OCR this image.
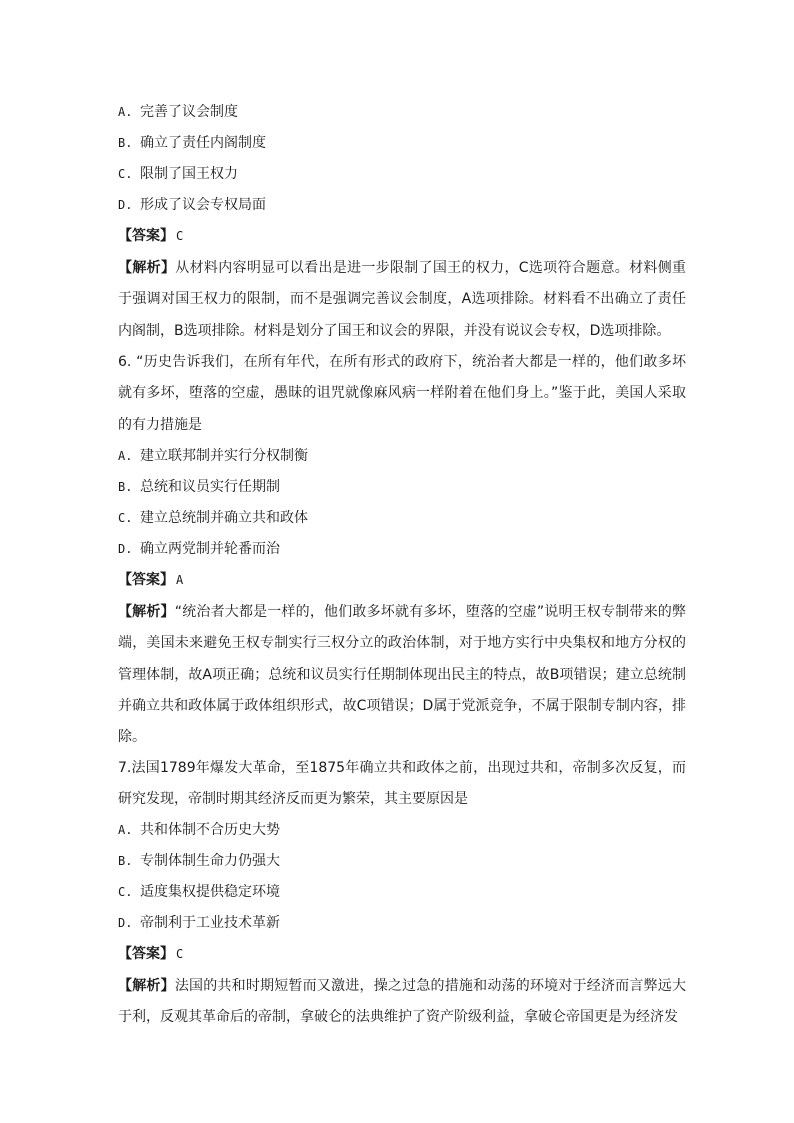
A. 完善了议会制度
B. 确立了责任内阁制度
C. 限制了国王权力
D. 形成了议会专权局面
【答案】 C

【解析】从材料内容明显可以看出是进一步限制了国王的权力，C选项符合题意。材料侧重于强调对国王权力的限制，而不是强调完善议会制度，A选项排除。材料看不出确立了责任内阁制，B选项排除。材料是划分了国王和议会的界限，并没有说议会专权，D选项排除。

6. “历史告诉我们，在所有年代，在所有形式的政府下，统治者大都是一样的，他们敢多坏就有多坏，堕落的空虚，愚昧的诅咒就像麻风病一样附着在他们身上。”鉴于此，美国人采取的有力措施是

A. 建立联邦制并实行分权制衡
B. 总统和议员实行任期制
C. 建立总统制并确立共和政体
D. 确立两党制并轮番而治
【答案】 A

【解析】“统治者大都是一样的，他们敢多坏就有多坏，堕落的空虚”说明王权专制带来的弊端，美国未来避免王权专制实行三权分立的政治体制，对于地方实行中央集权和地方分权的管理体制，故A项正确；总统和议员实行任期制体现出民主的特点，故B项错误；建立总统制并确立共和政体属于政体组织形式，故C项错误；D属于党派竞争，不属于限制专制内容，排除。

7.法国1789年爆发大革命，至1875年确立共和政体之前，出现过共和，帝制多次反复，而研究发现，帝制时期其经济反而更为繁荣，其主要原因是

A. 共和体制不合历史大势
B. 专制体制生命力仍强大
C. 适度集权提供稳定环境
D. 帝制利于工业技术革新
【答案】 C

【解析】法国的共和时期短暂而又激进，操之过急的措施和动荡的环境对于经济而言弊远大于利，反观其革命后的帝制，拿破仑的法典维护了资产阶级利益，拿破仑帝国更是为经济发
